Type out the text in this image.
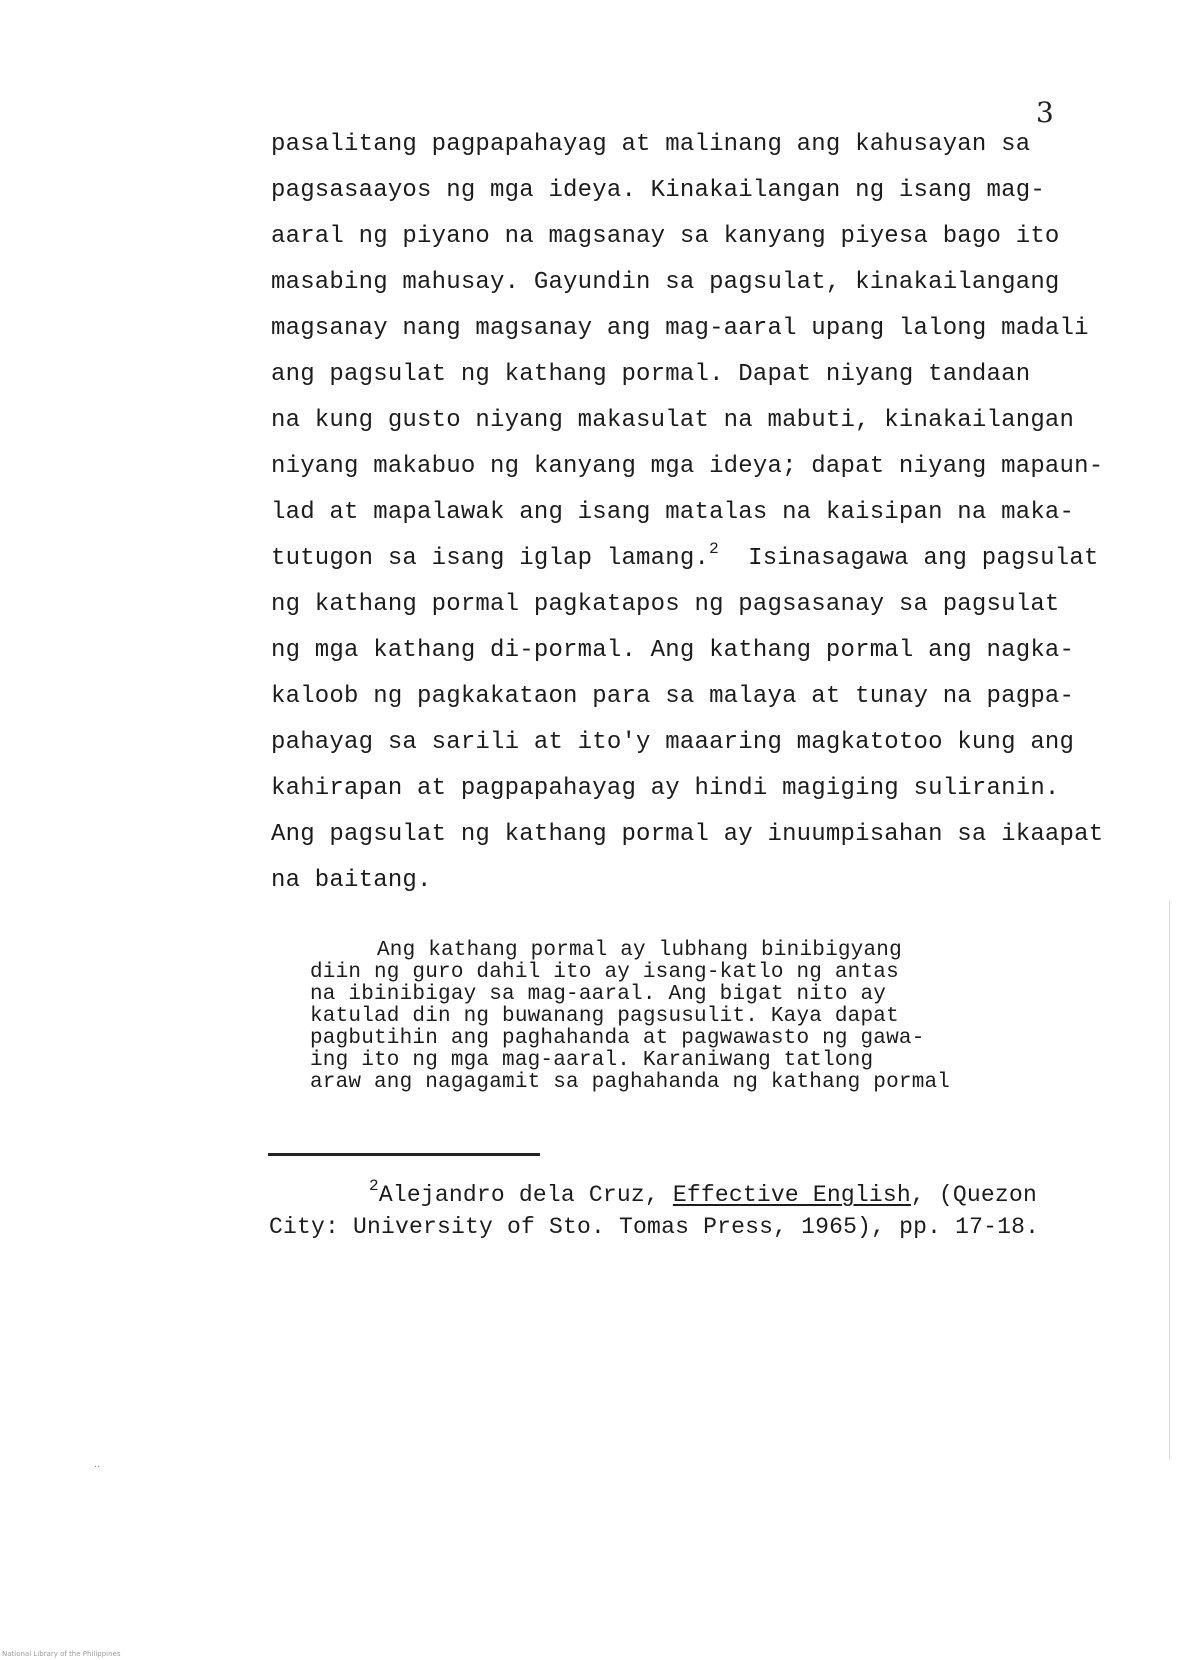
3
pasalitang pagpapahayag at malinang ang kahusayan sa
pagsasaayos ng mga ideya. Kinakailangan ng isang mag-
aaral ng piyano na magsanay sa kanyang piyesa bago ito
masabing mahusay. Gayundin sa pagsulat, kinakailangang
magsanay nang magsanay ang mag-aaral upang lalong madali
ang pagsulat ng kathang pormal. Dapat niyang tandaan
na kung gusto niyang makasulat na mabuti, kinakailangan
niyang makabuo ng kanyang mga ideya; dapat niyang mapaun-
lad at mapalawak ang isang matalas na kaisipan na maka-
tutugon sa isang iglap lamang.$^2$ Isinasagawa ang pagsulat
ng kathang pormal pagkatapos ng pagsasanay sa pagsulat
ng mga kathang di-pormal. Ang kathang pormal ang nagka-
kaloob ng pagkakataon para sa malaya at tunay na pagpa-
pahayag sa sarili at ito'y maaaring magkatotoo kung ang
kahirapan at pagpapahayag ay hindi magiging suliranin.
Ang pagsulat ng kathang pormal ay inuumpisahan sa ikaapat
na baitang.
Ang kathang pormal ay lubhang binibigyang
diin ng guro dahil ito ay isang-katlo ng antas
na ibinibigay sa mag-aaral. Ang bigat nito ay
katulad din ng buwanang pagsusulit. Kaya dapat
pagbutihin ang paghahanda at pagwawasto ng gawa-
ing ito ng mga mag-aaral. Karaniwang tatlong
araw ang nagagamit sa paghahanda ng kathang pormal
$^2$Alejandro dela Cruz, Effective English, (Quezon
City: University of Sto. Tomas Press, 1965), pp. 17-18.
··
National Library of the Philippines
